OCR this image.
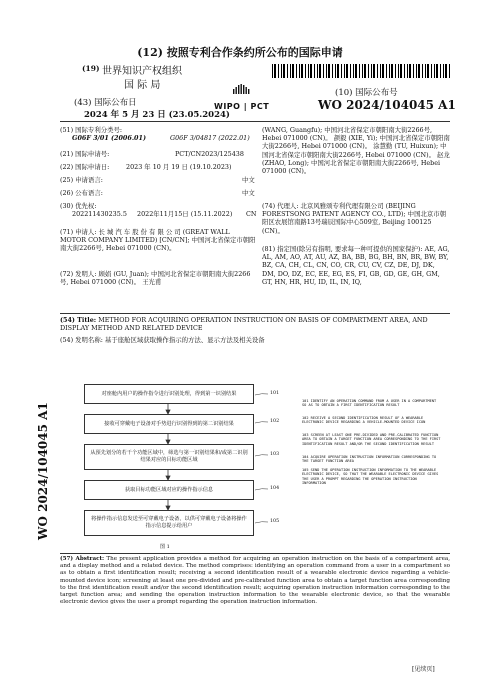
(12) 按照专利合作条约所公布的国际申请
(19) 世界知识产权组织
国 际 局
(43) 国际公布日
2024 年 5 月 23 日 (23.05.2024)
WIPO | PCT
(10) 国际公布号
WO 2024/104045 A1
(51) 国际专利分类号:
G06F 3/01 (2006.01)	G06F 3/04817 (2022.01)
(21) 国际申请号:	PCT/CN2023/125438
(22) 国际申请日:	2023 年 10 月 19 日 (19.10.2023)
(25) 申请语言:	中文
(26) 公布语言:	中文
(30) 优先权:
202211430235.5 2022年11月15日 (15.11.2022) CN
(71) 申请人: 长 城 汽 车 股 份 有 限 公 司 (GREAT WALL MOTOR COMPANY LIMITED) [CN/CN]; 中国河北省保定市朝阳南大街2266号, Hebei 071000 (CN)。
(72) 发明人: 顾娟 (GU, Juan); 中国河北省保定市朝阳南大街2266号, Hebei 071000 (CN)。 王光甫
(WANG, Guangfu); 中国河北省保定市朝阳南大街2266号, Hebei 071000 (CN)。 颉毅 (XIE, Yi); 中国河北省保定市朝阳南大街2266号, Hebei 071000 (CN)。 涂慧勤 (TU, Huixun); 中国河北省保定市朝阳南大街2266号, Hebei 071000 (CN)。 赵龙 (ZHAO, Long); 中国河北省保定市朝阳南大街2266号, Hebei 071000 (CN)。
(74) 代理人: 北京风雅颂专利代理有限公司 (BEIJING FORESTSONG PATENT AGENCY CO., LTD); 中国北京市朝阳区农展馆南路13号瑞辰国际中心509室, Beijing 100125 (CN)。
(81) 指定国(除另有指明, 要求每一种可提供的国家保护): AE, AG, AL, AM, AO, AT, AU, AZ, BA, BB, BG, BH, BN, BR, BW, BY, BZ, CA, CH, CL, CN, CO, CR, CU, CV, CZ, DE, DJ, DK, DM, DO, DZ, EC, EE, EG, ES, FI, GB, GD, GE, GH, GM, GT, HN, HR, HU, ID, IL, IN, IQ,
(54) Title: METHOD FOR ACQUIRING OPERATION INSTRUCTION ON BASIS OF COMPARTMENT AREA, AND DISPLAY METHOD AND RELATED DEVICE
(54) 发明名称: 基于座舱区域获取操作指示的方法、显示方法及相关设备
对座舱内用户的操作指令进行识别处理，得到第一识别结果
接收可穿戴电子设备对手势进行识别得到的第二识别结果
从预先划分的若干个功能区域中，筛选与第一识别结果和/或第二识别结果对应的目标功能区域
获取目标功能区域对应的操作指示信息
将操作指示信息发送至可穿戴电子设备，以供可穿戴电子设备将操作指示信息提示给用户
101
102
103
104
105
101 IDENTIFY AN OPERATION COMMAND FROM A USER IN A COMPARTMENT SO AS TO OBTAIN A FIRST IDENTIFICATION RESULT
102 RECEIVE A SECOND IDENTIFICATION RESULT OF A WEARABLE ELECTRONIC DEVICE REGARDING A VEHICLE-MOUNTED DEVICE ICON
103 SCREEN AT LEAST ONE PRE-DIVIDED AND PRE-CALIBRATED FUNCTION AREA TO OBTAIN A TARGET FUNCTION AREA CORRESPONDING TO THE FIRST IDENTIFICATION RESULT AND/OR THE SECOND IDENTIFICATION RESULT
104 ACQUIRE OPERATION INSTRUCTION INFORMATION CORRESPONDING TO THE TARGET FUNCTION AREA
105 SEND THE OPERATION INSTRUCTION INFORMATION TO THE WEARABLE ELECTRONIC DEVICE, SO THAT THE WEARABLE ELECTRONIC DEVICE GIVES THE USER A PROMPT REGARDING THE OPERATION INSTRUCTION INFORMATION
图 1
WO 2024/104045 A1
(57) Abstract: The present application provides a method for acquiring an operation instruction on the basis of a compartment area, and a display method and a related device. The method comprises: identifying an operation command from a user in a compartment so as to obtain a first identification result; receiving a second identification result of a wearable electronic device regarding a vehicle-mounted device icon; screening at least one pre-divided and pre-calibrated function area to obtain a target function area corresponding to the first identification result and/or the second identification result; acquiring operation instruction information corresponding to the target function area; and sending the operation instruction information to the wearable electronic device, so that the wearable electronic device gives the user a prompt regarding the operation instruction information.
[见续页]
